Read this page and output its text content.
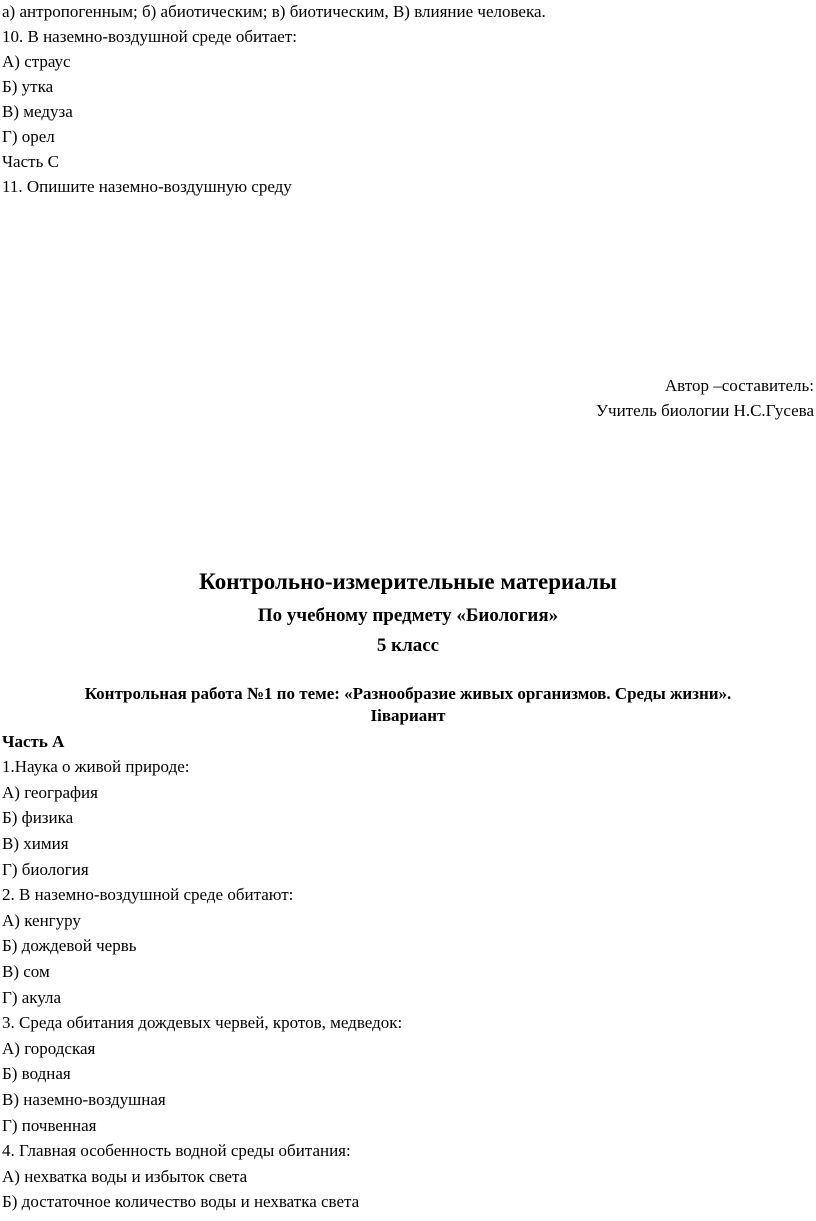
а) антропогенным; б) абиотическим; в) биотическим, В) влияние человека.
10. В наземно-воздушной среде обитает:
А) страус
Б) утка
В) медуза
Г) орел
Часть С
11. Опишите наземно-воздушную среду
Автор –составитель:
Учитель биологии Н.С.Гусева
Контрольно-измерительные материалы
По учебному предмету «Биология»
5 класс
Контрольная работа №1 по теме: «Разнообразие живых организмов. Среды жизни».
Iiвариант
Часть А
1.Наука о живой природе:
А) география
Б) физика
В) химия
Г) биология
2. В наземно-воздушной среде обитают:
А) кенгуру
Б) дождевой червь
В) сом
Г) акула
3. Среда обитания дождевых червей, кротов, медведок:
А) городская
Б) водная
В) наземно-воздушная
Г) почвенная
4. Главная особенность водной среды обитания:
А) нехватка воды и избыток света
Б) достаточное количество воды и нехватка света
